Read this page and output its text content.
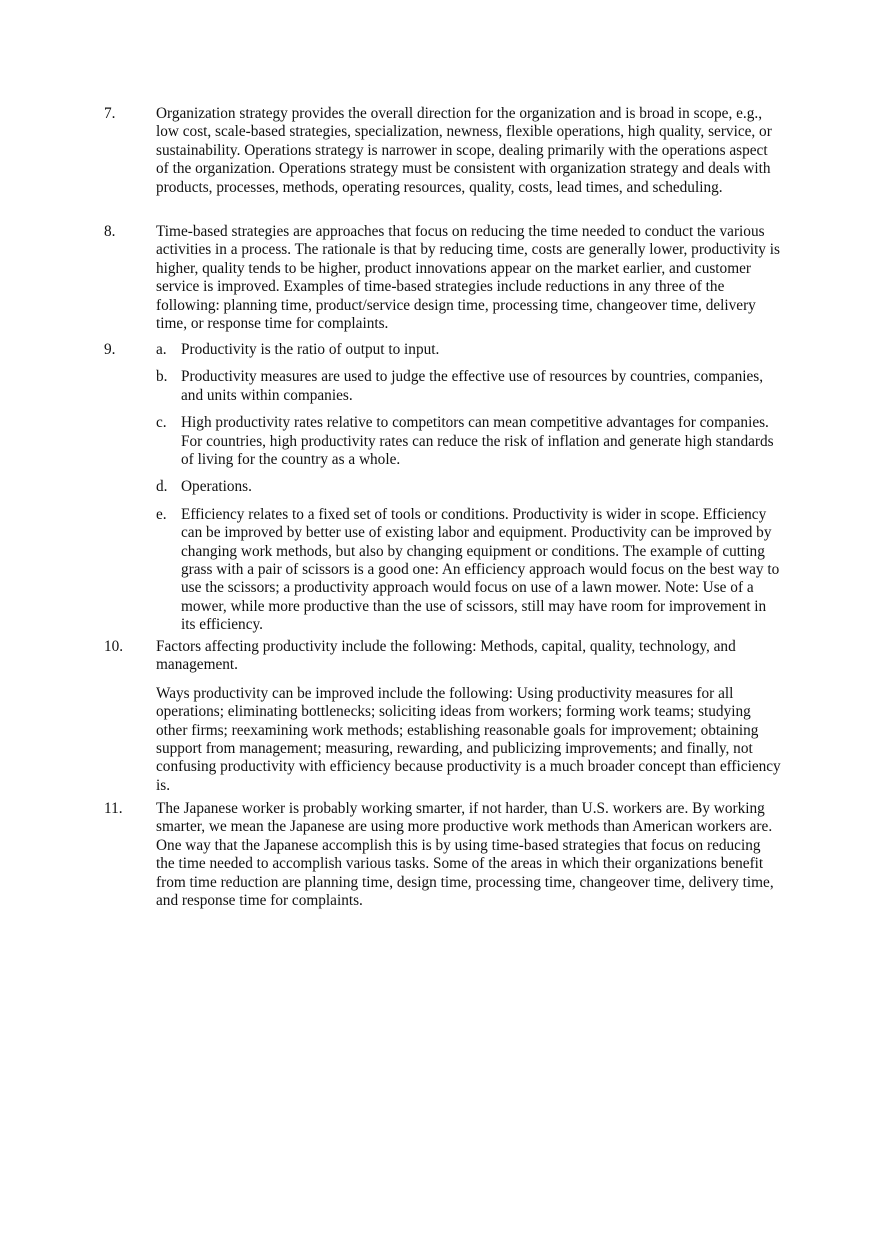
7.	Organization strategy provides the overall direction for the organization and is broad in scope, e.g., low cost, scale-based strategies, specialization, newness, flexible operations, high quality, service, or sustainability. Operations strategy is narrower in scope, dealing primarily with the operations aspect of the organization. Operations strategy must be consistent with organization strategy and deals with products, processes, methods, operating resources, quality, costs, lead times, and scheduling.

8.	Time-based strategies are approaches that focus on reducing the time needed to conduct the various activities in a process. The rationale is that by reducing time, costs are generally lower, productivity is higher, quality tends to be higher, product innovations appear on the market earlier, and customer service is improved. Examples of time-based strategies include reductions in any three of the following: planning time, product/service design time, processing time, changeover time, delivery time, or response time for complaints.

9.	a. Productivity is the ratio of output to input.
b. Productivity measures are used to judge the effective use of resources by countries, companies, and units within companies.
c. High productivity rates relative to competitors can mean competitive advantages for companies. For countries, high productivity rates can reduce the risk of inflation and generate high standards of living for the country as a whole.
d. Operations.
e. Efficiency relates to a fixed set of tools or conditions. Productivity is wider in scope. Efficiency can be improved by better use of existing labor and equipment. Productivity can be improved by changing work methods, but also by changing equipment or conditions. The example of cutting grass with a pair of scissors is a good one: An efficiency approach would focus on the best way to use the scissors; a productivity approach would focus on use of a lawn mower. Note: Use of a mower, while more productive than the use of scissors, still may have room for improvement in its efficiency.
10. Factors affecting productivity include the following: Methods, capital, quality, technology, and management.

Ways productivity can be improved include the following: Using productivity measures for all operations; eliminating bottlenecks; soliciting ideas from workers; forming work teams; studying other firms; reexamining work methods; establishing reasonable goals for improvement; obtaining support from management; measuring, rewarding, and publicizing improvements; and finally, not confusing productivity with efficiency because productivity is a much broader concept than efficiency is.

11. The Japanese worker is probably working smarter, if not harder, than U.S. workers are. By working smarter, we mean the Japanese are using more productive work methods than American workers are. One way that the Japanese accomplish this is by using time-based strategies that focus on reducing the time needed to accomplish various tasks. Some of the areas in which their organizations benefit from time reduction are planning time, design time, processing time, changeover time, delivery time, and response time for complaints.
